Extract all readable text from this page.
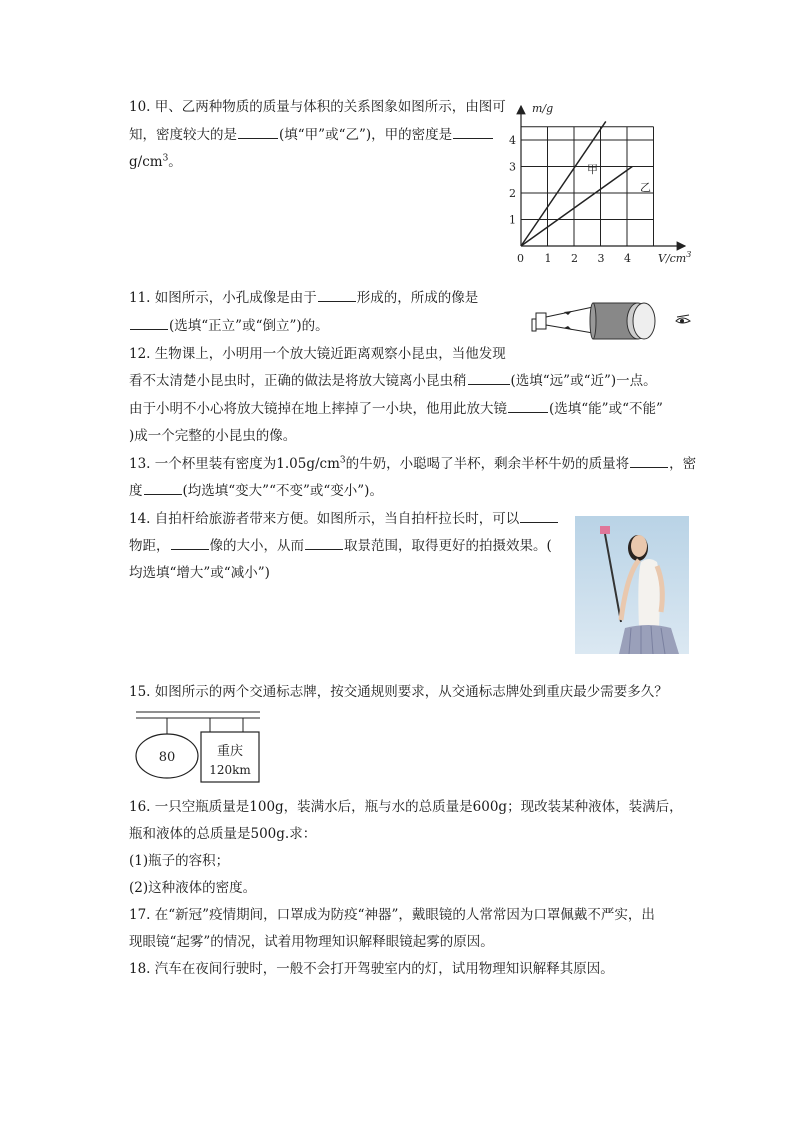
10. 甲、乙两种物质的质量与体积的关系图象如图所示，由图可
知，密度较大的是	(填“甲”或“乙”)，甲的密度是
$g/cm^3$。
1 2 3 4
1
2
3
4
m/g
$V/cm^3$
0
甲
乙
11. 如图所示，小孔成像是由于	形成的，所成的像是
(选填“正立”或“倒立”)的。
12. 生物课上，小明用一个放大镜近距离观察小昆虫，当他发现
看不太清楚小昆虫时，正确的做法是将放大镜离小昆虫稍	(选填“远”或“近”)一点。
由于小明不小心将放大镜掉在地上摔掉了一小块，他用此放大镜	(选填“能”或“不能”
)成一个完整的小昆虫的像。
13. 一个杯里装有密度为$1.05g/cm^3$的牛奶，小聪喝了半杯，剩余半杯牛奶的质量将	，密
度	(均选填“变大”“不变”或“变小”)。
14. 自拍杆给旅游者带来方便。如图所示，当自拍杆拉长时，可以
物距，	像的大小，从而	取景范围，取得更好的拍摄效果。(
均选填“增大”或“减小”)
15. 如图所示的两个交通标志牌，按交通规则要求，从交通标志牌处到重庆最少需要多久？
80	重庆
120km
16. 一只空瓶质量是100g，装满水后，瓶与水的总质量是600g；现改装某种液体，装满后，
瓶和液体的总质量是500g.求：
(1)瓶子的容积；
(2)这种液体的密度。
17. 在“新冠”疫情期间，口罩成为防疫“神器”，戴眼镜的人常常因为口罩佩戴不严实，出
现眼镜“起雾”的情况，试着用物理知识解释眼镜起雾的原因。
18. 汽车在夜间行驶时，一般不会打开驾驶室内的灯，试用物理知识解释其原因。
